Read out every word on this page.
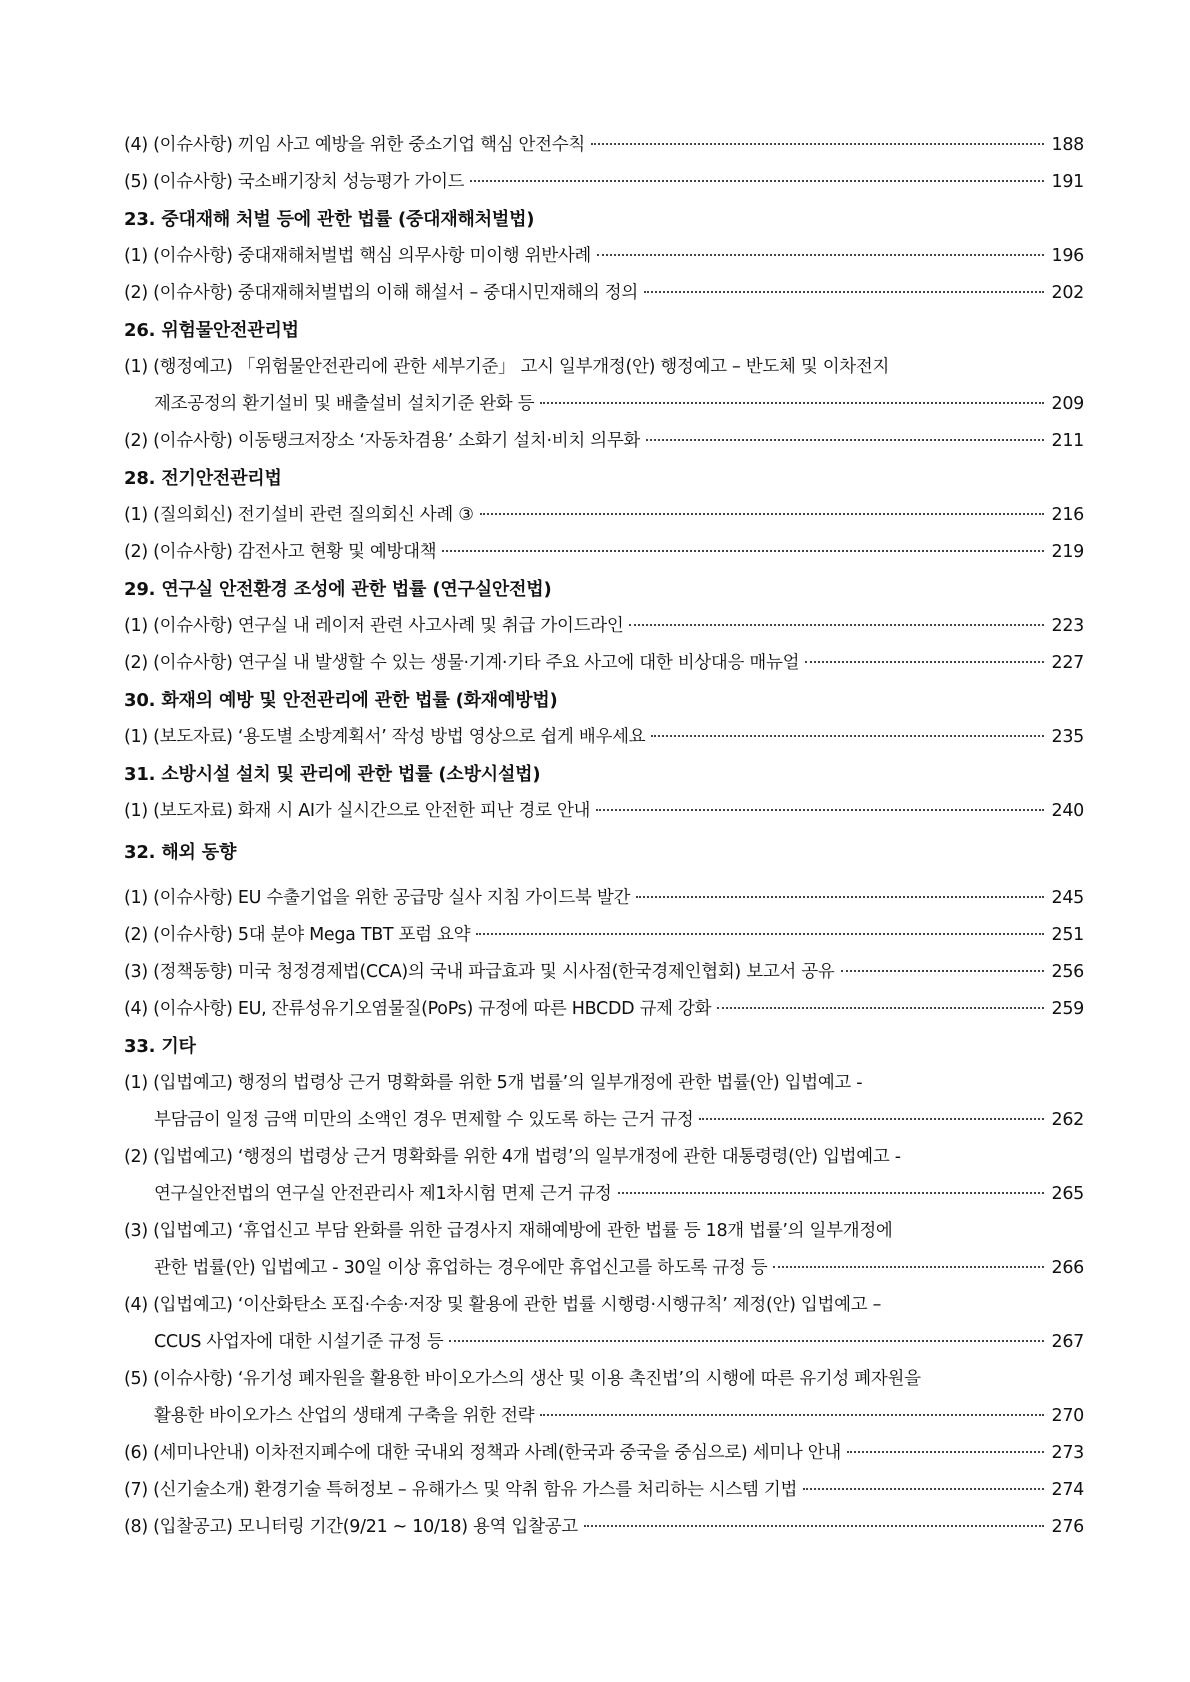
(4) (이슈사항) 끼임 사고 예방을 위한 중소기업 핵심 안전수칙	188
(5) (이슈사항) 국소배기장치 성능평가 가이드	191
23. 중대재해 처벌 등에 관한 법률 (중대재해처벌법)
(1) (이슈사항) 중대재해처벌법 핵심 의무사항 미이행 위반사례	196
(2) (이슈사항) 중대재해처벌법의 이해 해설서 – 중대시민재해의 정의	202
26. 위험물안전관리법
(1) (행정예고) 「위험물안전관리에 관한 세부기준」 고시 일부개정(안) 행정예고 – 반도체 및 이차전지
제조공정의 환기설비 및 배출설비 설치기준 완화 등	209
(2) (이슈사항) 이동탱크저장소 ‘자동차겸용’ 소화기 설치·비치 의무화	211
28. 전기안전관리법
(1) (질의회신) 전기설비 관련 질의회신 사례 ③	216
(2) (이슈사항) 감전사고 현황 및 예방대책	219
29. 연구실 안전환경 조성에 관한 법률 (연구실안전법)
(1) (이슈사항) 연구실 내 레이저 관련 사고사례 및 취급 가이드라인	223
(2) (이슈사항) 연구실 내 발생할 수 있는 생물·기계·기타 주요 사고에 대한 비상대응 매뉴얼	227
30. 화재의 예방 및 안전관리에 관한 법률 (화재예방법)
(1) (보도자료) ‘용도별 소방계획서’ 작성 방법 영상으로 쉽게 배우세요	235
31. 소방시설 설치 및 관리에 관한 법률 (소방시설법)
(1) (보도자료) 화재 시 AI가 실시간으로 안전한 피난 경로 안내	240
32. 해외 동향
(1) (이슈사항) EU 수출기업을 위한 공급망 실사 지침 가이드북 발간	245
(2) (이슈사항) 5대 분야 Mega TBT 포럼 요약	251
(3) (정책동향) 미국 청정경제법(CCA)의 국내 파급효과 및 시사점(한국경제인협회) 보고서 공유	256
(4) (이슈사항) EU, 잔류성유기오염물질(PoPs) 규정에 따른 HBCDD 규제 강화	259
33. 기타
(1) (입법예고) 행정의 법령상 근거 명확화를 위한 5개 법률’의 일부개정에 관한 법률(안) 입법예고 -
부담금이 일정 금액 미만의 소액인 경우 면제할 수 있도록 하는 근거 규정	262
(2) (입법예고) ‘행정의 법령상 근거 명확화를 위한 4개 법령’의 일부개정에 관한 대통령령(안) 입법예고 -
연구실안전법의 연구실 안전관리사 제1차시험 면제 근거 규정	265
(3) (입법예고) ‘휴업신고 부담 완화를 위한 급경사지 재해예방에 관한 법률 등 18개 법률’의 일부개정에
관한 법률(안) 입법예고 - 30일 이상 휴업하는 경우에만 휴업신고를 하도록 규정 등	266
(4) (입법예고) ‘이산화탄소 포집·수송·저장 및 활용에 관한 법률 시행령·시행규칙’ 제정(안) 입법예고 –
CCUS 사업자에 대한 시설기준 규정 등	267
(5) (이슈사항) ‘유기성 폐자원을 활용한 바이오가스의 생산 및 이용 촉진법’의 시행에 따른 유기성 폐자원을
활용한 바이오가스 산업의 생태계 구축을 위한 전략	270
(6) (세미나안내) 이차전지폐수에 대한 국내외 정책과 사례(한국과 중국을 중심으로) 세미나 안내	273
(7) (신기술소개) 환경기술 특허정보 – 유해가스 및 악취 함유 가스를 처리하는 시스템 기법	274
(8) (입찰공고) 모니터링 기간(9/21 ~ 10/18) 용역 입찰공고	276
